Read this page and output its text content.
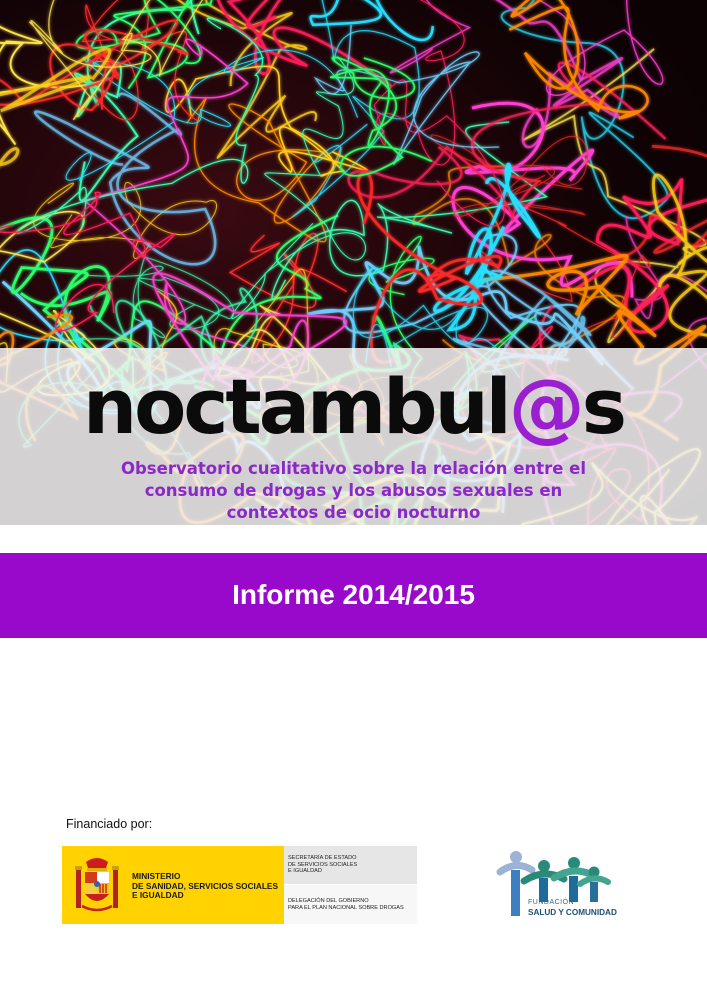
noctambul@s
Observatorio cualitativo sobre la relación entre el
consumo de drogas y los abusos sexuales en
contextos de ocio nocturno
Informe 2014/2015
Financiado por:
MINISTERIO
DE SANIDAD, SERVICIOS SOCIALES
E IGUALDAD
SECRETARÍA DE ESTADO
DE SERVICIOS SOCIALES
E IGUALDAD
DELEGACIÓN DEL GOBIERNO
PARA EL PLAN NACIONAL SOBRE DROGAS
FUNDACIÓN
SALUD Y COMUNIDAD
